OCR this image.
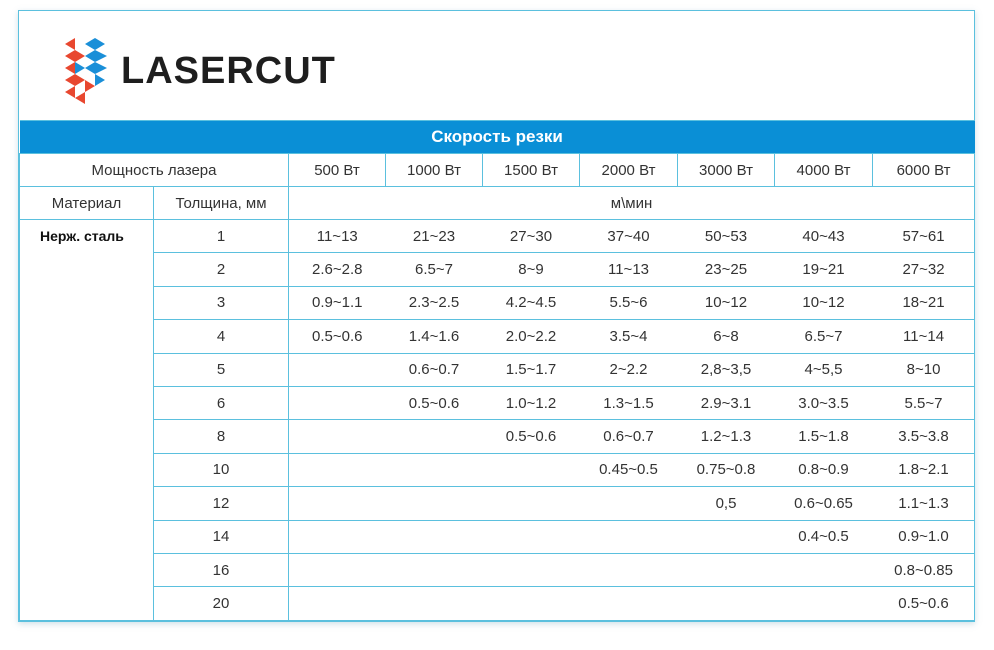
LASERCUT
Скорость резки								
Мощность лазера		500 Вт	1000 Вт	1500 Вт	2000 Вт	3000 Вт	4000 Вт	6000 Вт
Материал	Толщина, мм	м\мин						
Нерж. сталь	1	11~13	21~23	27~30	37~40	50~53	40~43	57~61
	2	2.6~2.8	6.5~7	8~9	11~13	23~25	19~21	27~32
	3	0.9~1.1	2.3~2.5	4.2~4.5	5.5~6	10~12	10~12	18~21
	4	0.5~0.6	1.4~1.6	2.0~2.2	3.5~4	6~8	6.5~7	11~14
	5		0.6~0.7	1.5~1.7	2~2.2	2,8~3,5	4~5,5	8~10
	6		0.5~0.6	1.0~1.2	1.3~1.5	2.9~3.1	3.0~3.5	5.5~7
	8			0.5~0.6	0.6~0.7	1.2~1.3	1.5~1.8	3.5~3.8
	10				0.45~0.5	0.75~0.8	0.8~0.9	1.8~2.1
	12					0,5	0.6~0.65	1.1~1.3
	14						0.4~0.5	0.9~1.0
	16							0.8~0.85
	20							0.5~0.6
